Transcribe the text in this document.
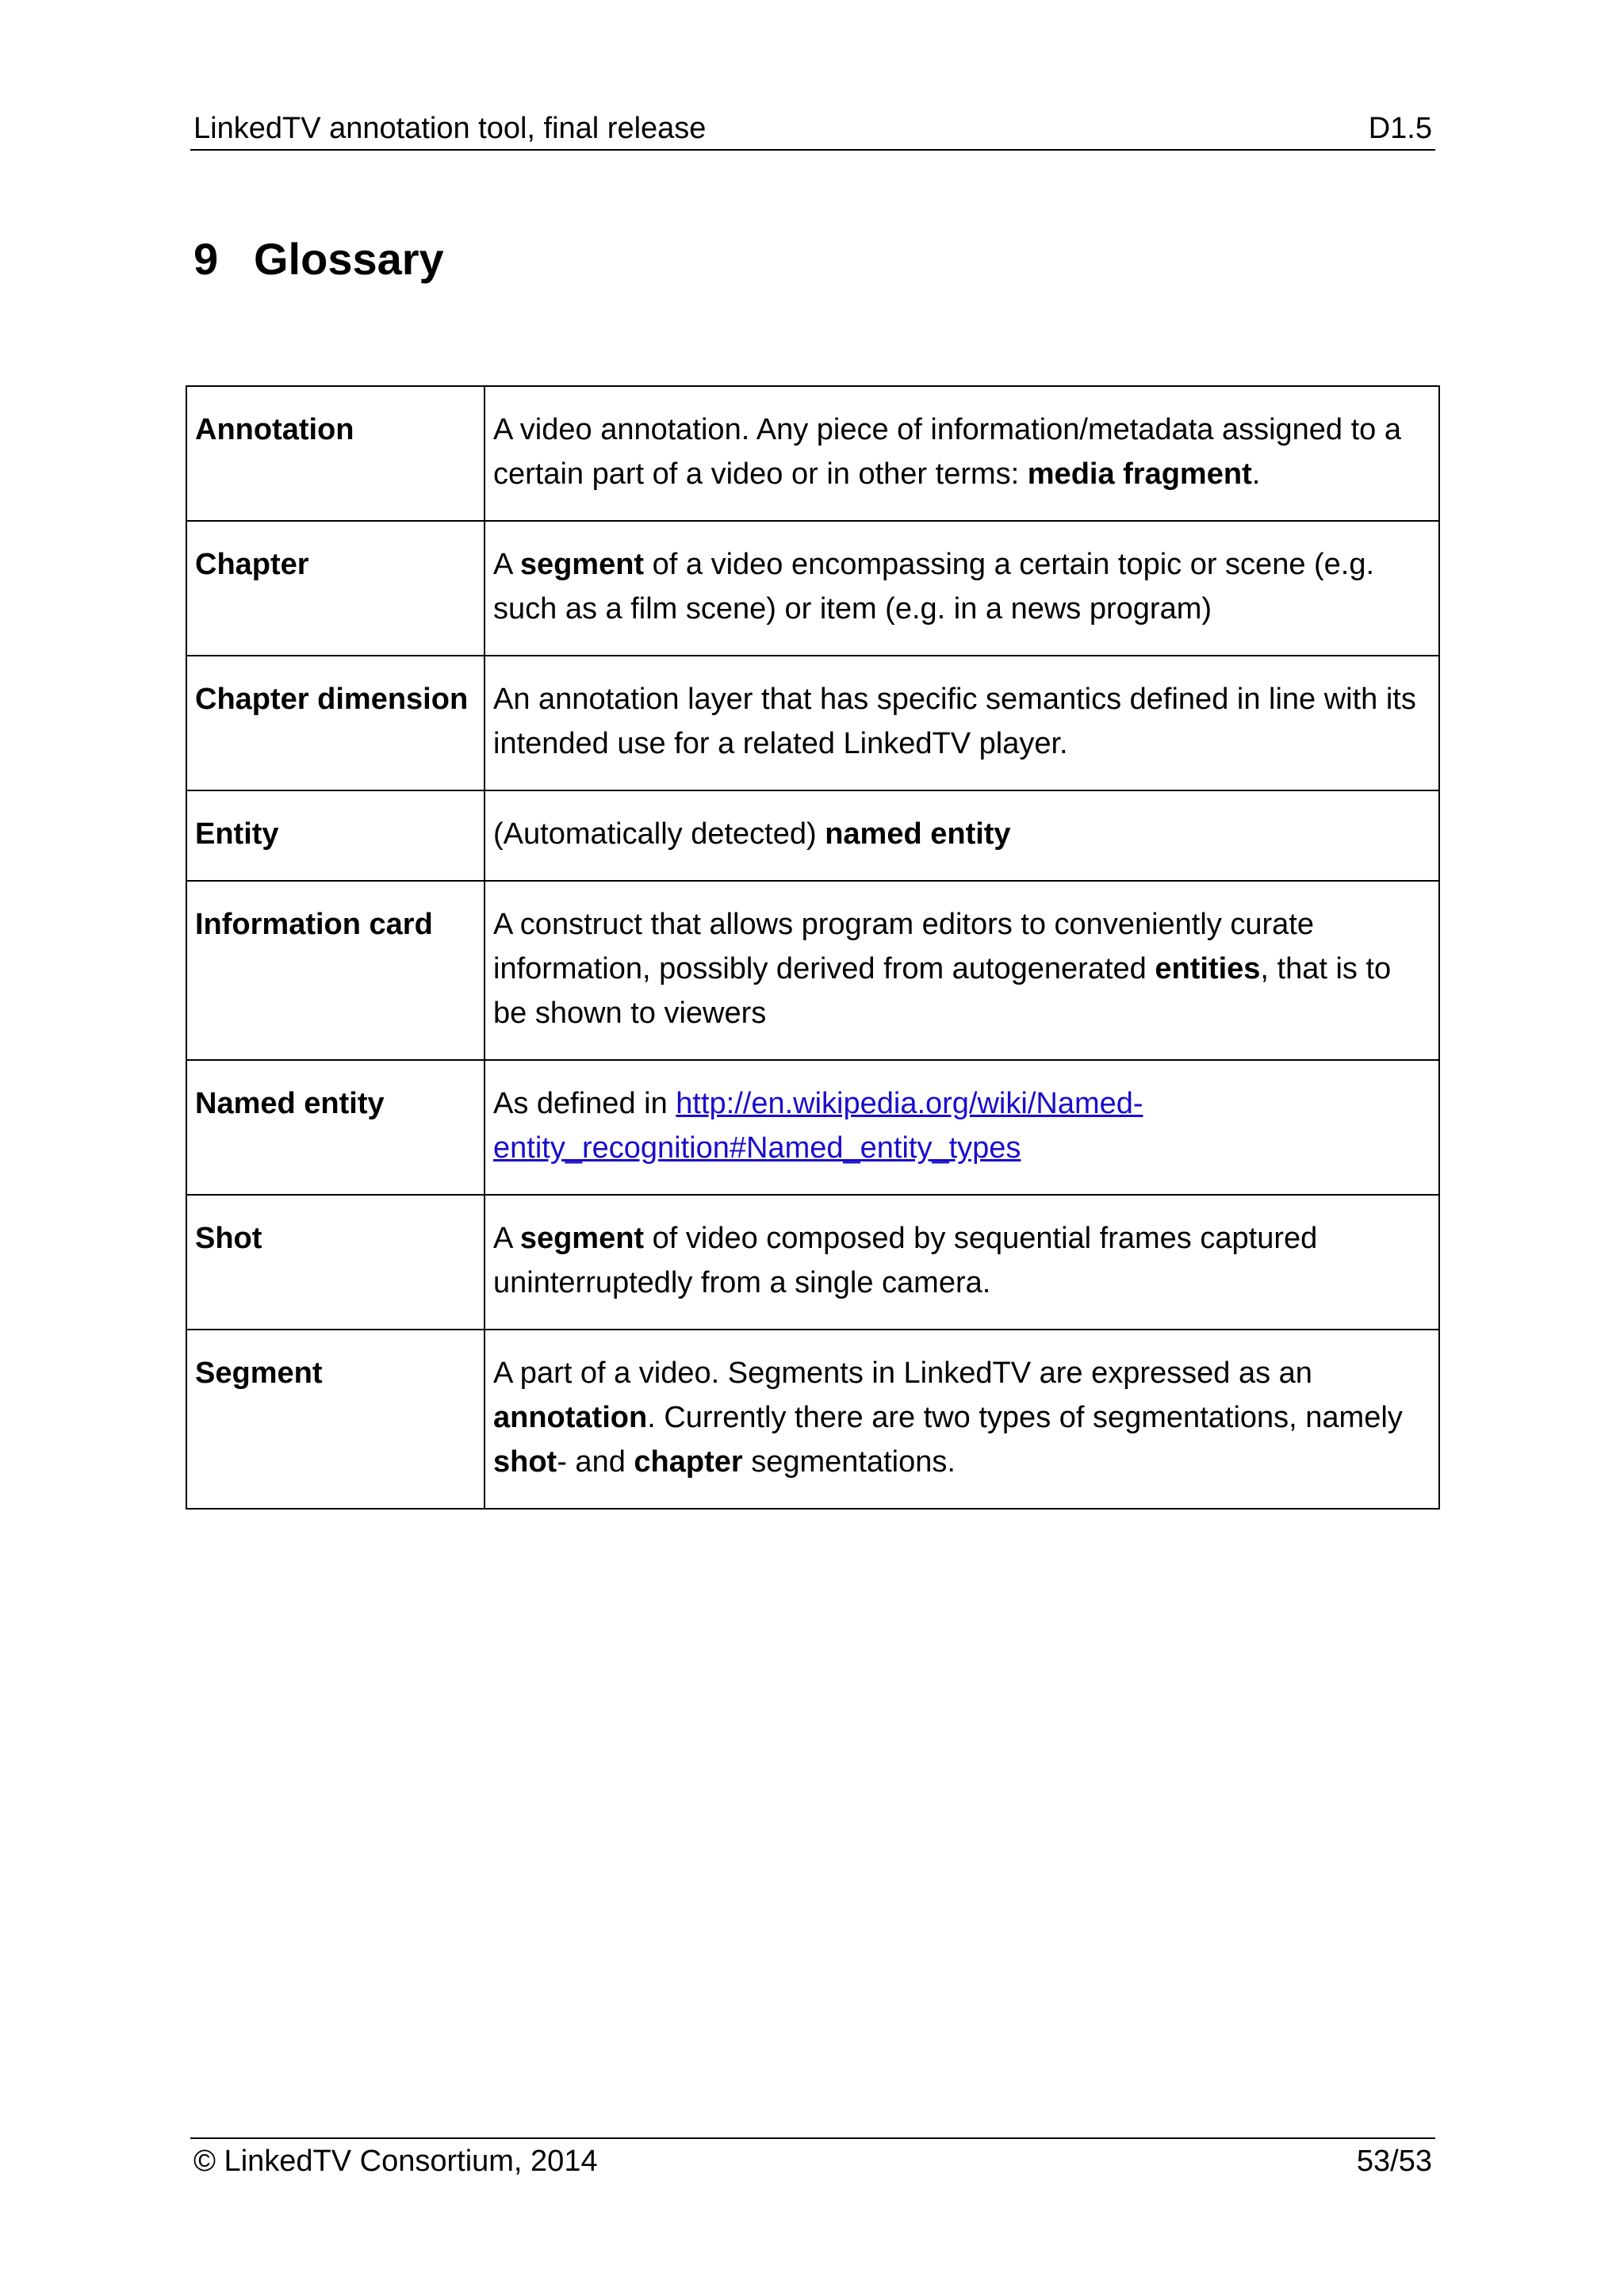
LinkedTV annotation tool, final release	D1.5
9 Glossary
Annotation	A video annotation. Any piece of information/metadata assigned to a certain part of a video or in other terms: media fragment.
Chapter	A segment of a video encompassing a certain topic or scene (e.g. such as a film scene) or item (e.g. in a news program)
Chapter dimension	An annotation layer that has specific semantics defined in line with its intended use for a related LinkedTV player.
Entity	(Automatically detected) named entity
Information card	A construct that allows program editors to conveniently curate information, possibly derived from autogenerated entities, that is to be shown to viewers
Named entity	As defined in http://en.wikipedia.org/wiki/Named-
entity_recognition#Named_entity_types
Shot	A segment of video composed by sequential frames captured uninterruptedly from a single camera.
Segment	A part of a video. Segments in LinkedTV are expressed as an annotation. Currently there are two types of segmentations, namely shot- and chapter segmentations.
© LinkedTV Consortium, 2014	53/53
